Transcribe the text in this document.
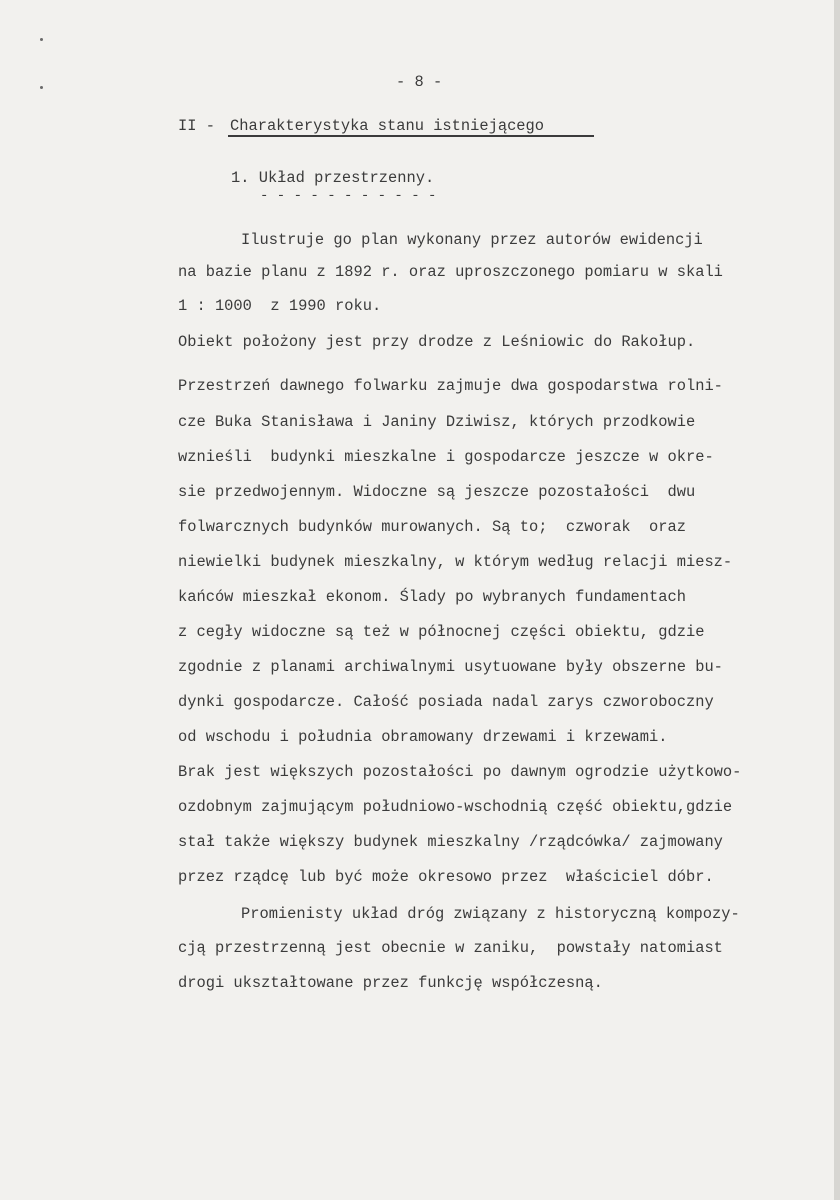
- 8 -
II - Charakterystyka stanu istniejącego
1. Układ przestrzenny.
- - - - - - - - - - -
Ilustruje go plan wykonany przez autorów ewidencji
na bazie planu z 1892 r. oraz uproszczonego pomiaru w skali
1 : 1000  z 1990 roku.
Obiekt położony jest przy drodze z Leśniowic do Rakołup.
Przestrzeń dawnego folwarku zajmuje dwa gospodarstwa rolni-
cze Buka Stanisława i Janiny Dziwisz, których przodkowie
wznieśli  budynki mieszkalne i gospodarcze jeszcze w okre-
sie przedwojennym. Widoczne są jeszcze pozostałości  dwu
folwarcznych budynków murowanych. Są to;  czworak  oraz
niewielki budynek mieszkalny, w którym według relacji miesz-
kańców mieszkał ekonom. Ślady po wybranych fundamentach
z cegły widoczne są też w północnej części obiektu, gdzie
zgodnie z planami archiwalnymi usytuowane były obszerne bu-
dynki gospodarcze. Całość posiada nadal zarys czworoboczny
od wschodu i południa obramowany drzewami i krzewami.
Brak jest większych pozostałości po dawnym ogrodzie użytkowo-
ozdobnym zajmującym południowo-wschodnią część obiektu,gdzie
stał także większy budynek mieszkalny /rządcówka/ zajmowany
przez rządcę lub być może okresowo przez  właściciel dóbr.
Promienisty układ dróg związany z historyczną kompozy-
cją przestrzenną jest obecnie w zaniku,  powstały natomiast
drogi ukształtowane przez funkcję współczesną.
